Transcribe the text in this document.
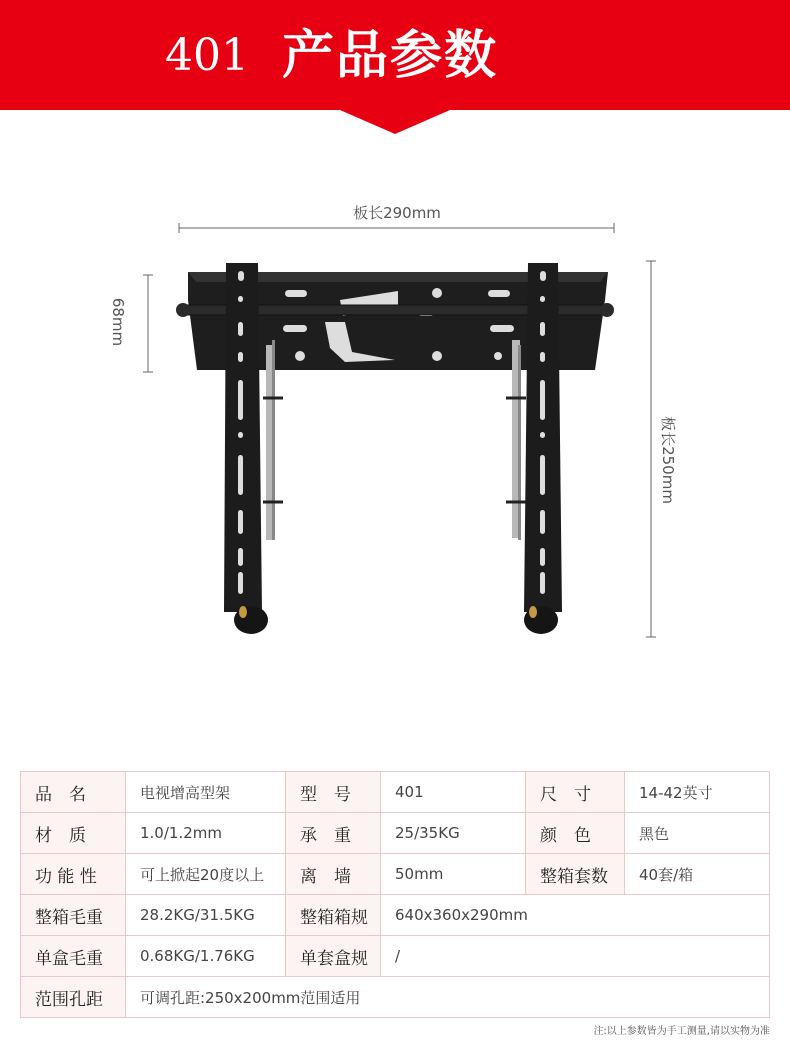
401 产品参数
板长290mm
68mm
板长250mm
品　名	电视增高型架	型　号	401	尺　寸	14-42英寸
材　质	1.0/1.2mm	承　重	25/35KG	颜　色	黑色
功 能 性	可上掀起20度以上	离　墙	50mm	整箱套数	40套/箱
整箱毛重	28.2KG/31.5KG	整箱箱规	640x360x290mm		
单盒毛重	0.68KG/1.76KG	单套盒规	/		
范围孔距	可调孔距:250x200mm范围适用				
注:以上参数皆为手工测量,请以实物为准
